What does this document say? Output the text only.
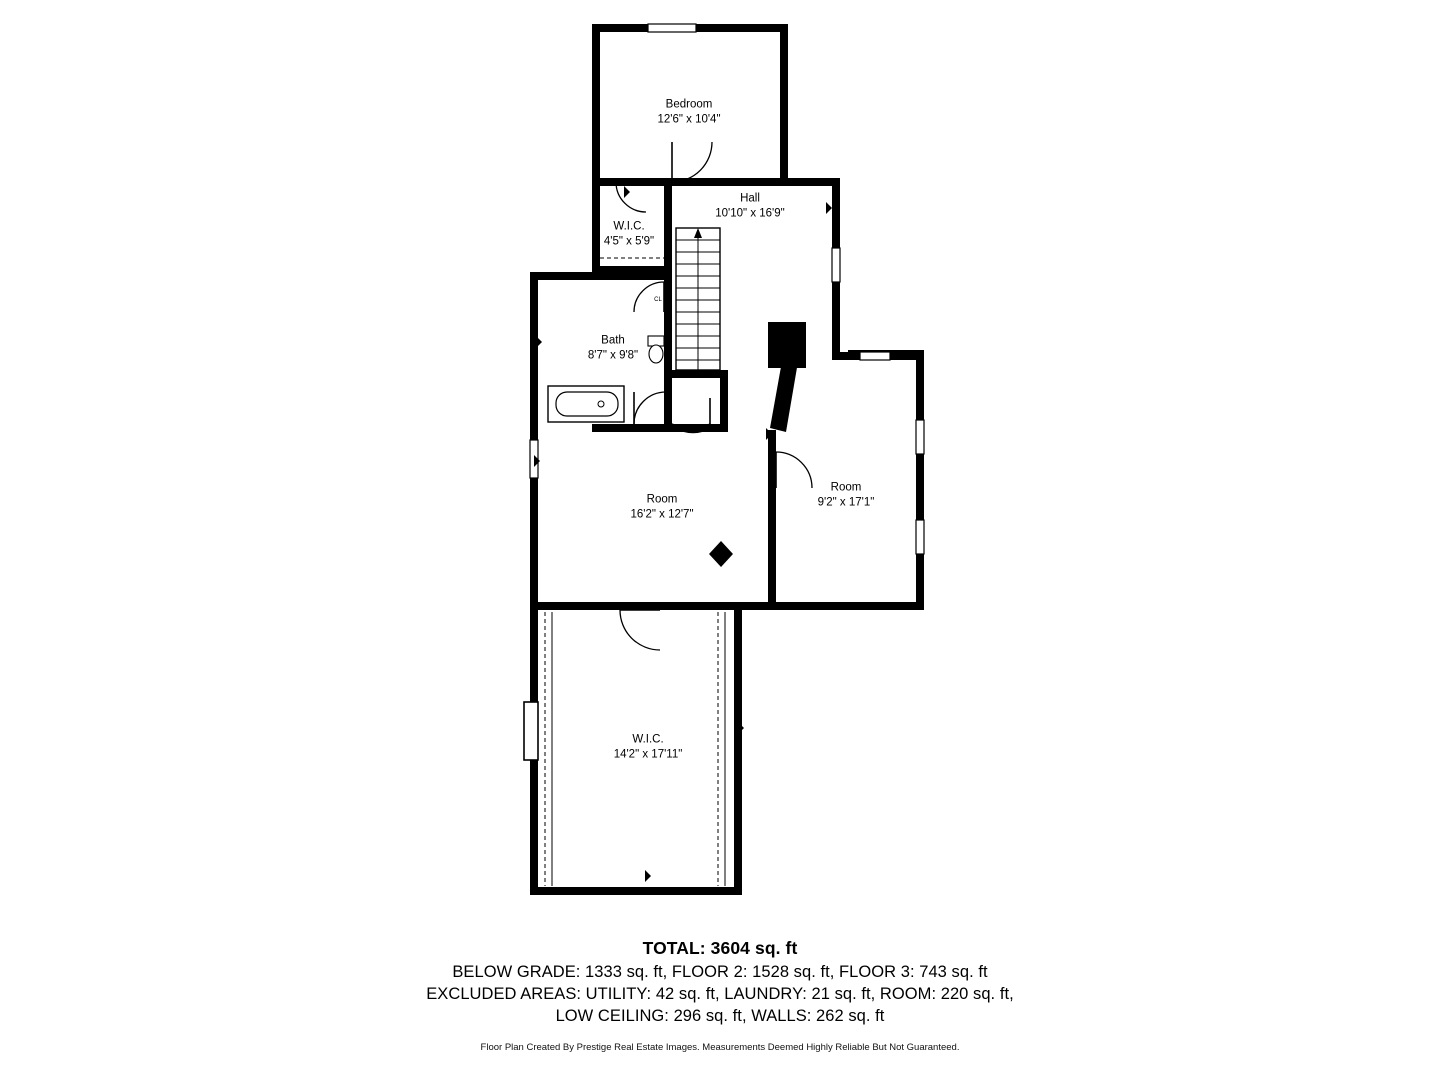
Bedroom
12'6" x 10'4"
Hall
10'10" x 16'9"
W.I.C.
4'5" x 5'9"
Bath
8'7" x 9'8"
Room
16'2" x 12'7"
Room
9'2" x 17'1"
W.I.C.
14'2" x 17'11"
CL
TOTAL: 3604 sq. ft
BELOW GRADE: 1333 sq. ft, FLOOR 2: 1528 sq. ft, FLOOR 3: 743 sq. ft
EXCLUDED AREAS: UTILITY: 42 sq. ft, LAUNDRY: 21 sq. ft, ROOM: 220 sq. ft,
LOW CEILING: 296 sq. ft, WALLS: 262 sq. ft
Floor Plan Created By Prestige Real Estate Images. Measurements Deemed Highly Reliable But Not Guaranteed.
